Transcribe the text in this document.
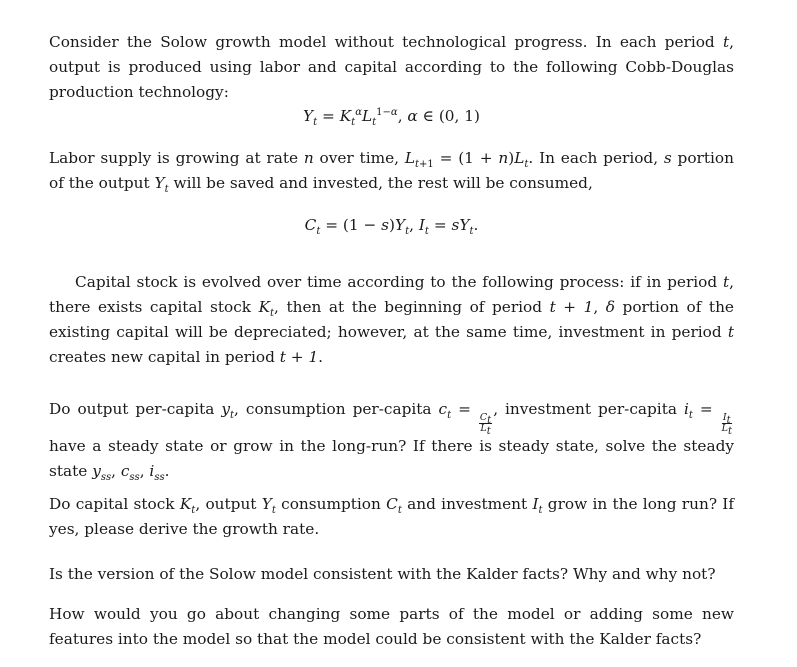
Consider the Solow growth model without technological progress. In each period t, output is produced using labor and capital according to the following Cobb-Douglas production technology:

$Y_t = K_t^\alpha L_t^{1-\alpha}$, α ∈ (0, 1)

Labor supply is growing at rate n over time, $L_{t+1} = (1 + n)L_t$. In each period, s portion of the output $Y_t$ will be saved and invested, the rest will be consumed,

$C_t = (1 - s)Y_t$, $I_t = sY_t$.

Capital stock is evolved over time according to the following process: if in period t, there exists capital stock $K_t$, then at the beginning of period t + 1, δ portion of the existing capital will be depreciated; however, at the same time, investment in period t creates new capital in period t + 1.

Do output per-capita $y_t$, consumption per-capita $c_t$ =
$\frac{C_t}{L_t}$
, investment per-capita $i_t$ =
$\frac{I_t}{L_t}$
have a steady state or grow in the long-run? If there is steady state, solve the steady state $y_{ss}$, $c_{ss}$, $i_{ss}$.

Do capital stock $K_t$, output $Y_t$ consumption $C_t$ and investment $I_t$ grow in the long run? If yes, please derive the growth rate.

Is the version of the Solow model consistent with the Kalder facts? Why and why not?

How would you go about changing some parts of the model or adding some new features into the model so that the model could be consistent with the Kalder facts?
